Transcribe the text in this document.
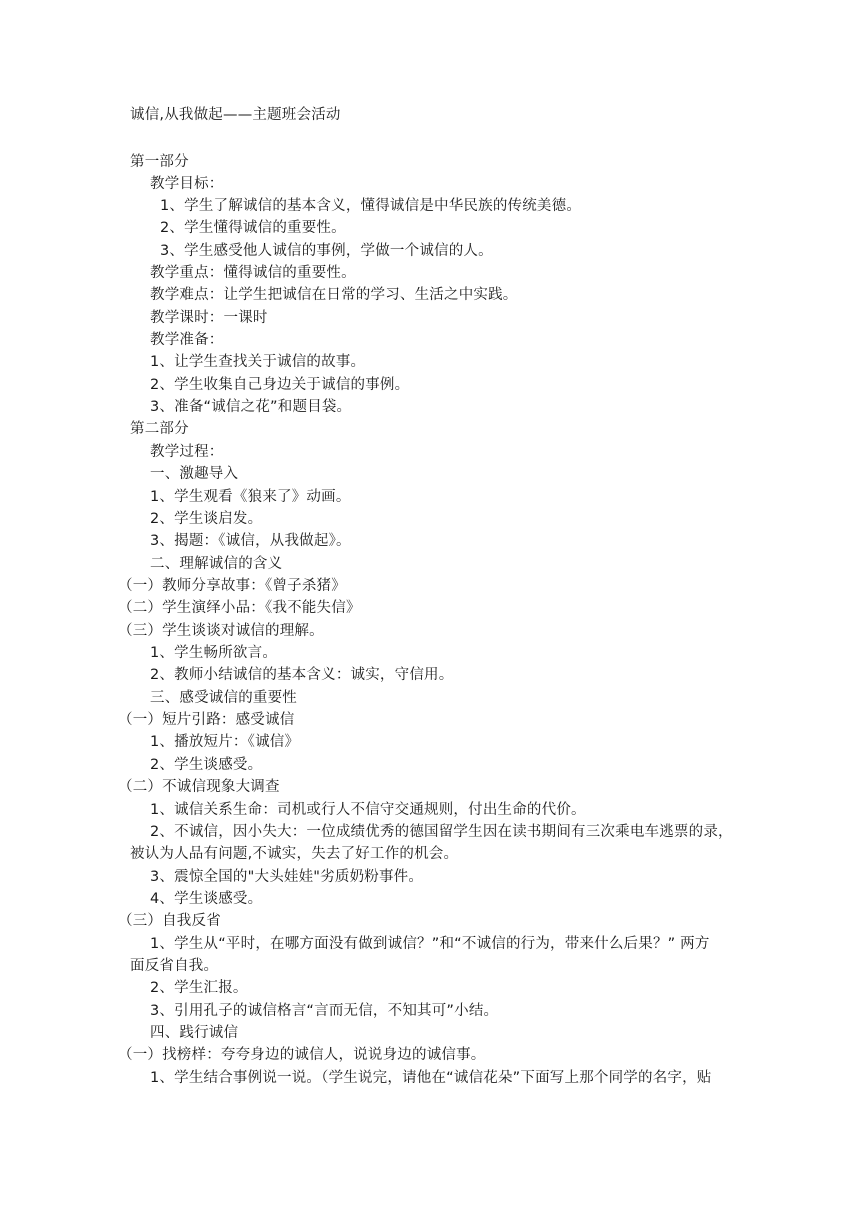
诚信,从我做起——主题班会活动
第一部分
教学目标：
1、学生了解诚信的基本含义，懂得诚信是中华民族的传统美德。
2、学生懂得诚信的重要性。
3、学生感受他人诚信的事例，学做一个诚信的人。
教学重点：懂得诚信的重要性。
教学难点：让学生把诚信在日常的学习、生活之中实践。
教学课时：一课时
教学准备：
1、让学生查找关于诚信的故事。
2、学生收集自己身边关于诚信的事例。
3、准备“诚信之花”和题目袋。
第二部分
教学过程：
一、激趣导入
1、学生观看《狼来了》动画。
2、学生谈启发。
3、揭题：《诚信，从我做起》。
二、理解诚信的含义
（一）教师分享故事：《曾子杀猪》
（二）学生演绎小品：《我不能失信》
（三）学生谈谈对诚信的理解。
1、学生畅所欲言。
2、教师小结诚信的基本含义：诚实，守信用。
三、感受诚信的重要性
（一）短片引路：感受诚信
1、播放短片：《诚信》
2、学生谈感受。
（二）不诚信现象大调查
1、诚信关系生命：司机或行人不信守交通规则，付出生命的代价。
2、不诚信，因小失大：一位成绩优秀的德国留学生因在读书期间有三次乘电车逃票的录，
被认为人品有问题,不诚实，失去了好工作的机会。
3、震惊全国的"大头娃娃"劣质奶粉事件。
4、学生谈感受。
（三）自我反省
1、学生从“平时，在哪方面没有做到诚信？”和“不诚信的行为，带来什么后果？” 两方
面反省自我。
2、学生汇报。
3、引用孔子的诚信格言“言而无信，不知其可”小结。
四、践行诚信
（一）找榜样：夸夸身边的诚信人，说说身边的诚信事。
1、学生结合事例说一说。（学生说完，请他在“诚信花朵”下面写上那个同学的名字，贴
